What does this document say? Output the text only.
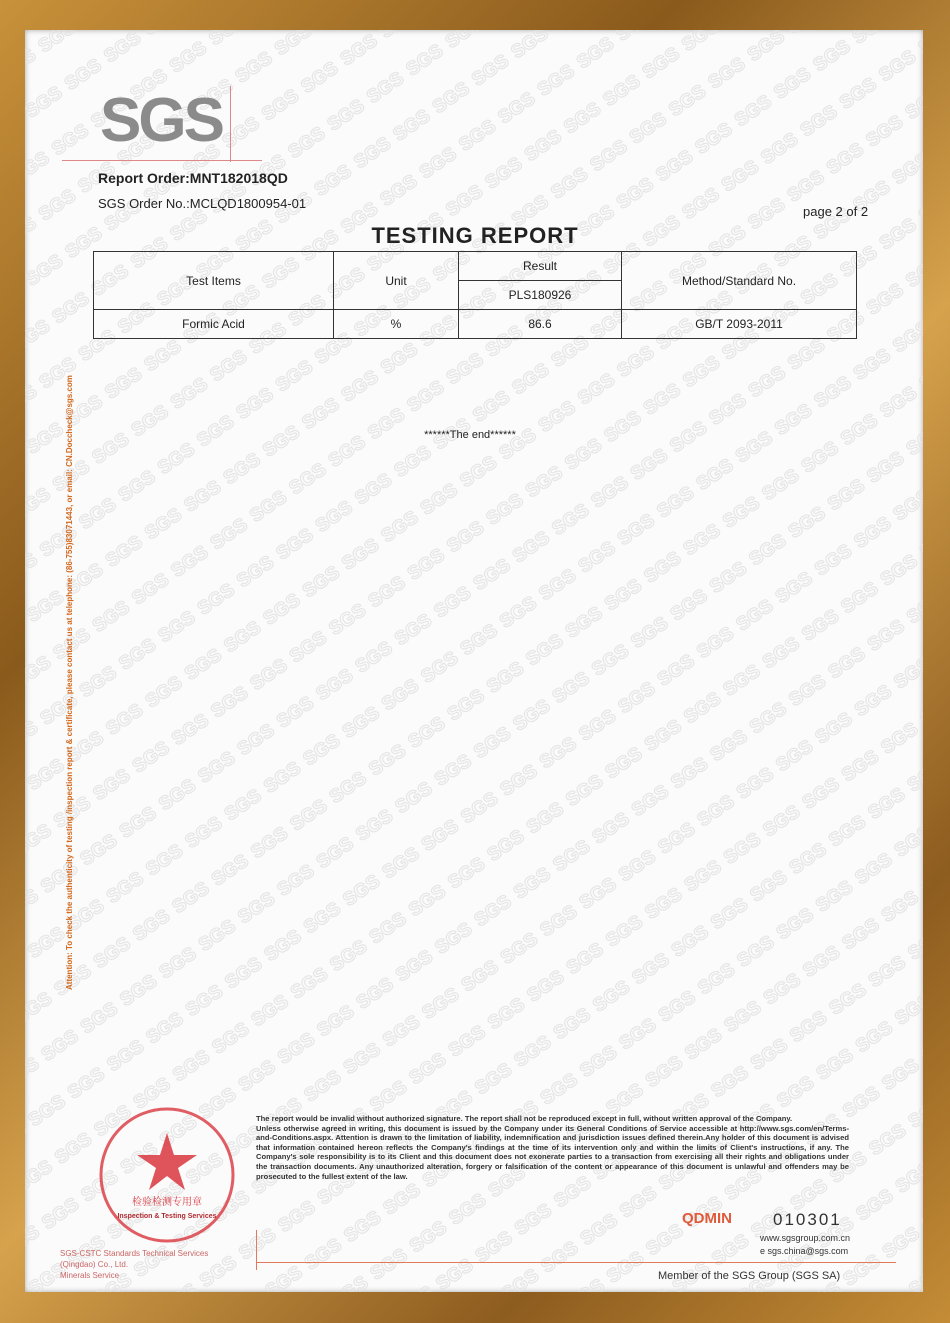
SGS
Report Order:MNT182018QD
SGS Order No.:MCLQD1800954-01
page 2 of 2
TESTING REPORT
Test Items	Unit	Result	Method/Standard No.
		PLS180926	
Formic Acid	%	86.6	GB/T 2093-2011
******The end******
Attention: To check the authenticity of testing /inspection report & certificate, please contact us at telephone: (86-755)83071443, or email: CN.Doccheck@sgs.com
The report would be invalid without authorized signature. The report shall not be reproduced except in full, without written approval of the Company.
Unless otherwise agreed in writing, this document is issued by the Company under its General Conditions of Service accessible at http://www.sgs.com/en/Terms-and-Conditions.aspx. Attention is drawn to the limitation of liability, indemnification and jurisdiction issues defined therein.Any holder of this document is advised that information contained hereon reflects the Company's findings at the time of its intervention only and within the limits of Client's instructions, if any. The Company's sole responsibility is to its Client and this document does not exonerate parties to a transaction from exercising all their rights and obligations under the transaction documents. Any unauthorized alteration, forgery or falsification of the content or appearance of this document is unlawful and offenders may be prosecuted to the fullest extent of the law.
检验检测专用章
Inspection & Testing Services
SGS-CSTC Standards Technical Services (Qingdao) Co., Ltd.
Minerals Service
QDMIN 010301
www.sgsgroup.com.cn
e sgs.china@sgs.com
Member of the SGS Group (SGS SA)
